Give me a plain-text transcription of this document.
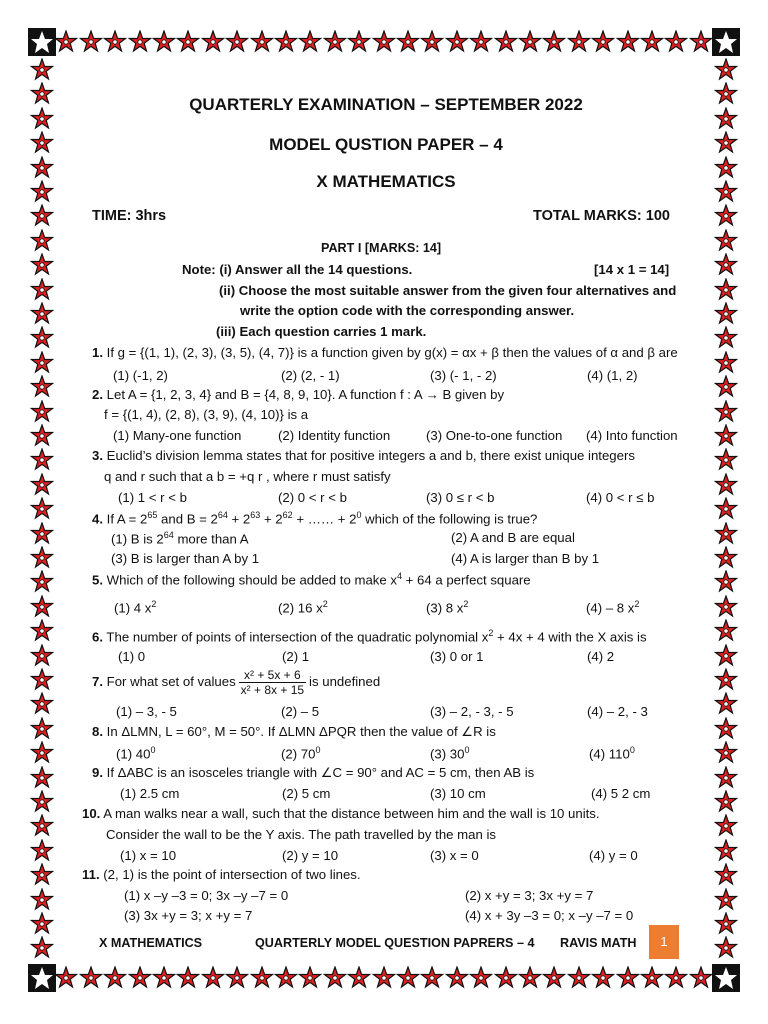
QUARTERLY EXAMINATION – SEPTEMBER 2022
MODEL QUSTION PAPER – 4
X MATHEMATICS
TIME: 3hrs	TOTAL MARKS: 100
PART I [MARKS: 14]
Note: (i) Answer all the 14 questions.	[14 x 1 = 14]
(ii) Choose the most suitable answer from the given four alternatives and
write the option code with the corresponding answer.
(iii) Each question carries 1 mark.
1. If g = {(1, 1), (2, 3), (3, 5), (4, 7)} is a function given by g(x) = αx + β then the values of α and β are
(1) (-1, 2)	(2) (2, - 1)	(3) (- 1, - 2)	(4) (1, 2)
2. Let A = {1, 2, 3, 4} and B = {4, 8, 9, 10}. A function f : A → B given by
f = {(1, 4), (2, 8), (3, 9), (4, 10)} is a
(1) Many-one function	(2) Identity function	(3) One-to-one function (4) Into function
3. Euclid’s division lemma states that for positive integers a and b, there exist unique integers
q and r such that a b = +q r , where r must satisfy
(1) 1 < r < b	(2) 0 < r < b	(3) 0 ≤ r < b	(4) 0 < r ≤ b
4. If $A = 2^{65}$ and $B = 2^{64} + 2^{63} + 2^{62}$ + …… + $2^0$ which of the following is true?
(1) B is $2^{64}$ more than A	(2) A and B are equal
(3) B is larger than A by 1	(4) A is larger than B by 1
5. Which of the following should be added to make $x^4 + 64$ a perfect square
(1) 4 $x^2$	(2) 16 $x^2$	(3) 8 $x^2$	(4) – 8 $x^2$
6. The number of points of intersection of the quadratic polynomial $x^2 + 4x + 4$ with the X axis is
(1) 0	(2) 1	(3) 0 or 1	(4) 2
7. For what set of values $\frac{\text{x² + 5x + 6}}{\text{x² + 8x + 15}}$ is undefined
(1) – 3, - 5	(2) – 5	(3) – 2, - 3, - 5	(4) – 2, - 3
8. In ΔLMN, L = 60°, M = 50°. If ΔLMN ΔPQR then the value of ∠R is
(1) $40^0$	(2) $70^0$	(3) $30^0$	(4) $110^0$
9. If ΔABC is an isosceles triangle with ∠C = 90° and AC = 5 cm, then AB is
(1) 2.5 cm	(2) 5 cm	(3) 10 cm	(4) 5 2 cm
10. A man walks near a wall, such that the distance between him and the wall is 10 units.
Consider the wall to be the Y axis. The path travelled by the man is
(1) x = 10	(2) y = 10	(3) x = 0	(4) y = 0
11. (2, 1) is the point of intersection of two lines.
(1) x –y –3 = 0; 3x –y –7 = 0	(2) x +y = 3; 3x +y = 7
(3) 3x +y = 3; x +y = 7	(4) x + 3y –3 = 0; x –y –7 = 0
X MATHEMATICS	QUARTERLY MODEL QUESTION PAPRERS – 4 RAVIS MATH	1
